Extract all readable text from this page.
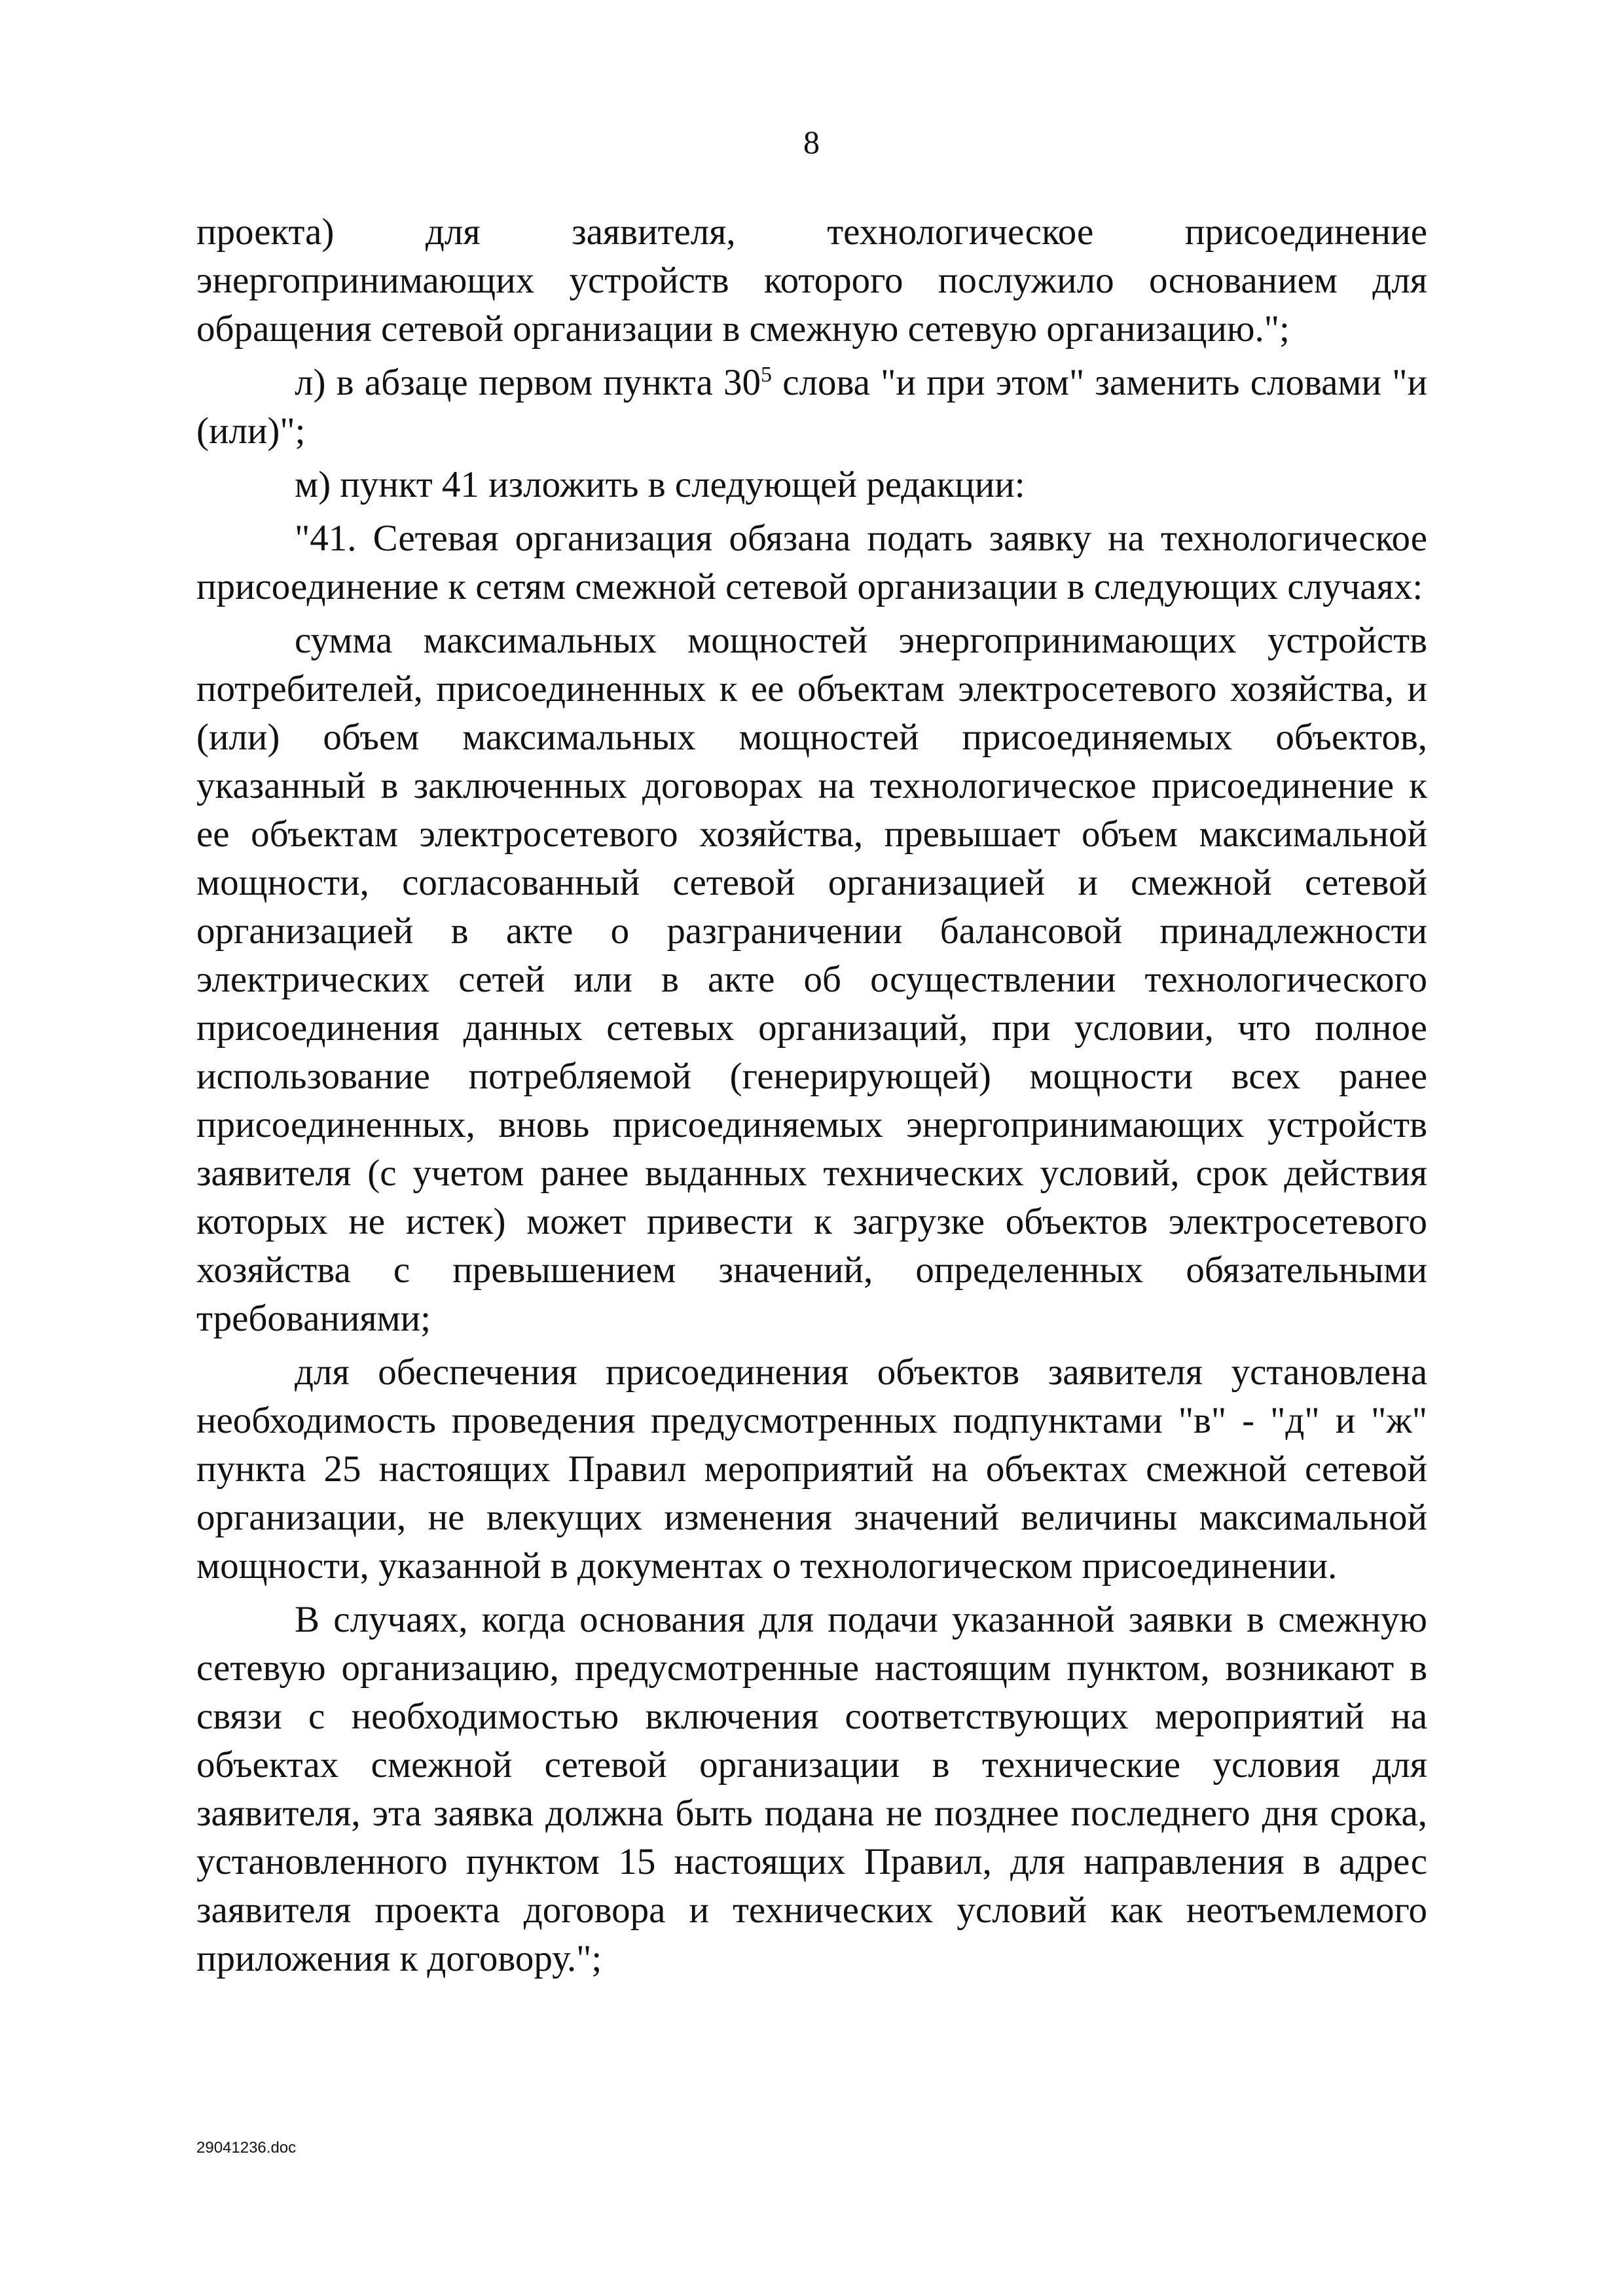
8

проекта) для заявителя, технологическое присоединение энергопринимающих устройств которого послужило основанием для обращения сетевой организации в смежную сетевую организацию.";

л) в абзаце первом пункта $30^5$ слова "и при этом" заменить словами "и (или)";

м) пункт 41 изложить в следующей редакции:

"41. Сетевая организация обязана подать заявку на технологическое присоединение к сетям смежной сетевой организации в следующих случаях:

сумма максимальных мощностей энергопринимающих устройств потребителей, присоединенных к ее объектам электросетевого хозяйства, и (или) объем максимальных мощностей присоединяемых объектов, указанный в заключенных договорах на технологическое присоединение к ее объектам электросетевого хозяйства, превышает объем максимальной мощности, согласованный сетевой организацией и смежной сетевой организацией в акте о разграничении балансовой принадлежности электрических сетей или в акте об осуществлении технологического присоединения данных сетевых организаций, при условии, что полное использование потребляемой (генерирующей) мощности всех ранее присоединенных, вновь присоединяемых энергопринимающих устройств заявителя (с учетом ранее выданных технических условий, срок действия которых не истек) может привести к загрузке объектов электросетевого хозяйства с превышением значений, определенных обязательными требованиями;

для обеспечения присоединения объектов заявителя установлена необходимость проведения предусмотренных подпунктами "в" - "д" и "ж" пункта 25 настоящих Правил мероприятий на объектах смежной сетевой организации, не влекущих изменения значений величины максимальной мощности, указанной в документах о технологическом присоединении.

В случаях, когда основания для подачи указанной заявки в смежную сетевую организацию, предусмотренные настоящим пунктом, возникают в связи с необходимостью включения соответствующих мероприятий на объектах смежной сетевой организации в технические условия для заявителя, эта заявка должна быть подана не позднее последнего дня срока, установленного пунктом 15 настоящих Правил, для направления в адрес заявителя проекта договора и технических условий как неотъемлемого приложения к договору.";

29041236.doc
